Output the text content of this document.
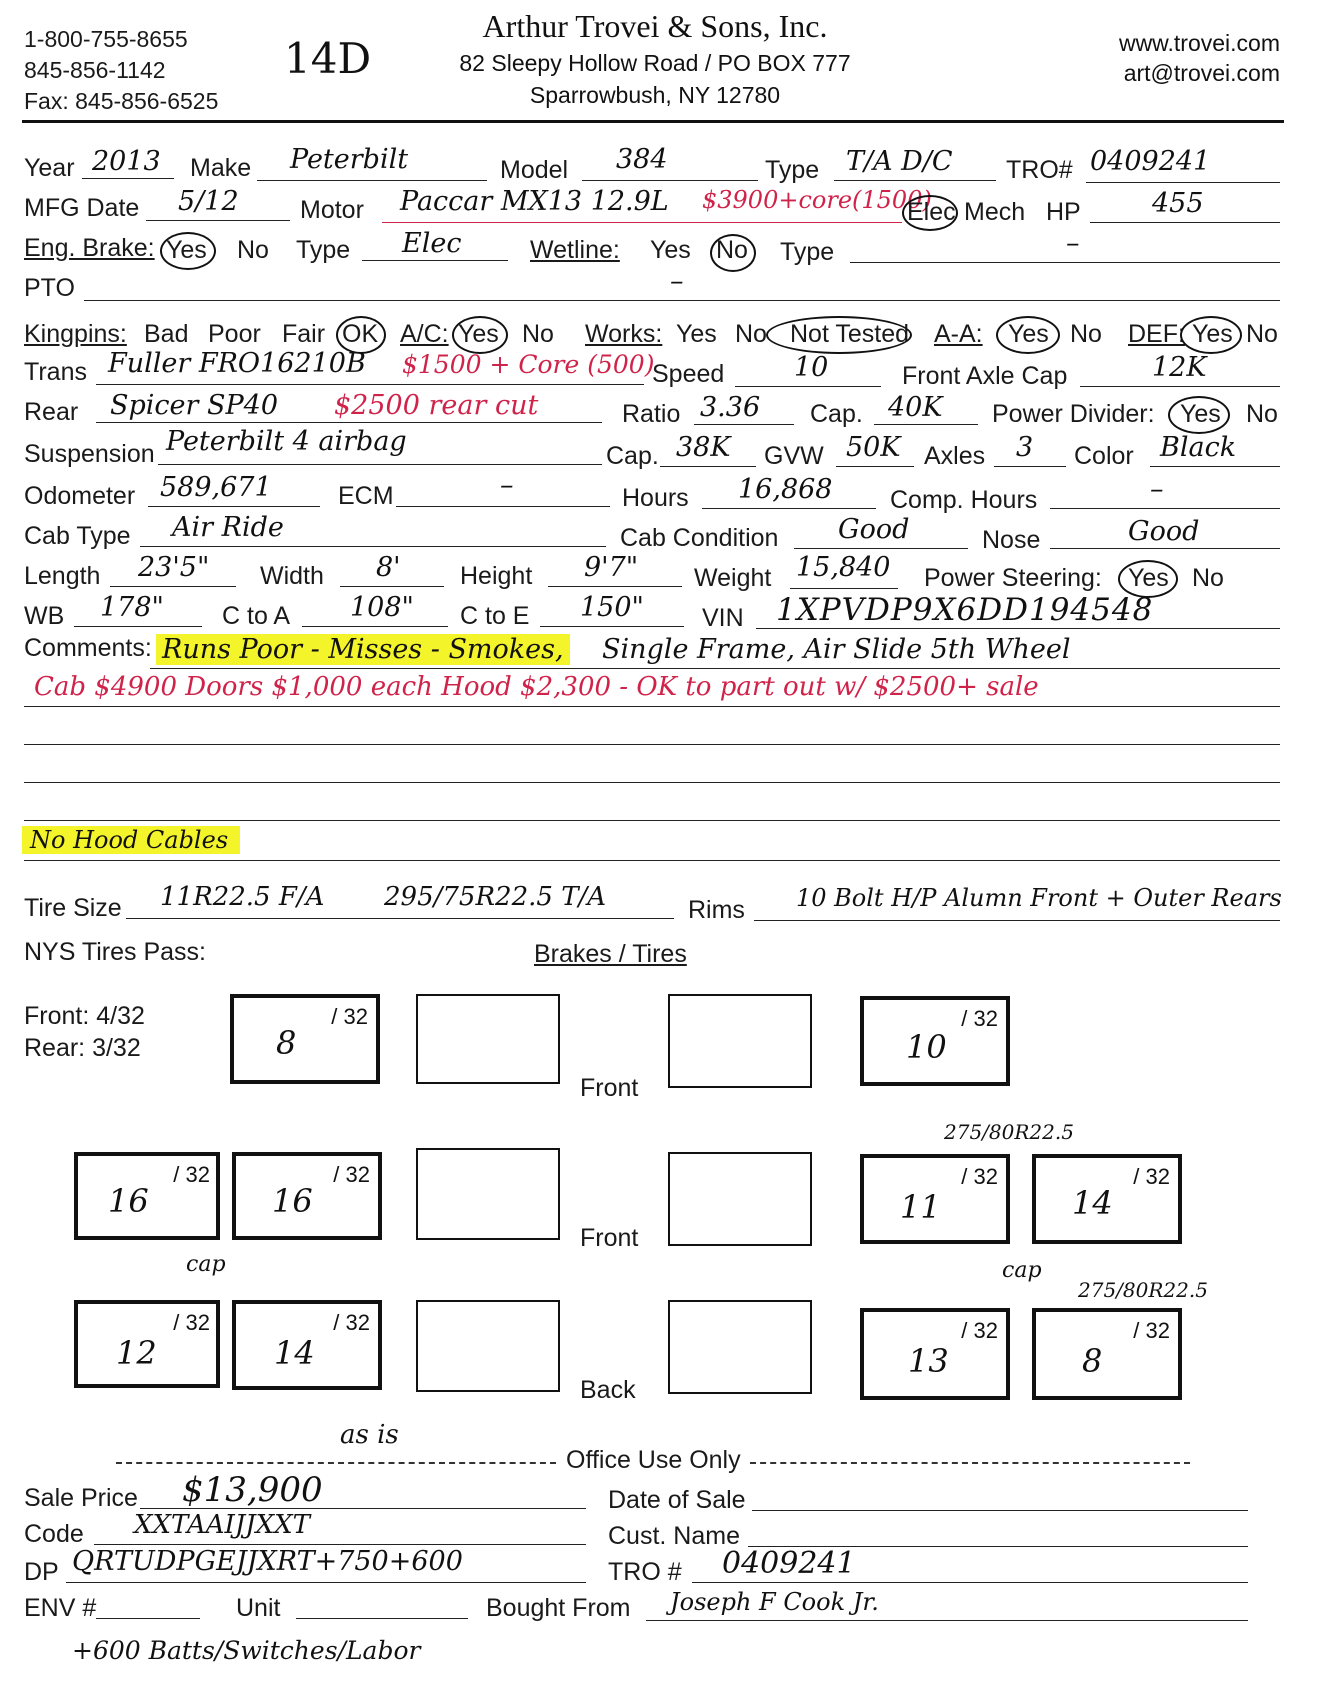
1-800-755-8655
845-856-1142
Fax: 845-856-6525
14D
Arthur Trovei & Sons, Inc.
82 Sleepy Hollow Road / PO BOX 777
Sparrowbush, NY 12780
www.trovei.com
art@trovei.com
Year 2013 Make Peterbilt	Model 384	Type T/A D/C TRO# 0409241
MFG Date 5/12 Motor Paccar MX13 12.9L $3900+core(1500)
Elec Mech HP	455
Eng. Brake: Yes No Type Elec	Wetline: Yes No Type	–
PTO	–
Kingpins: Bad Poor Fair OK A/C: Yes No Works: Yes No Not Tested A-A: Yes No DEF: Yes No
Trans Fuller FRO16210B $1500 + Core (500)
Speed	10	Front Axle Cap	12K
Rear Spicer SP40 $2500 rear cut	Ratio 3.36 Cap. 40K Power Divider: Yes No
Suspension Peterbilt 4 airbag	Cap. 38K GVW 50K Axles 3 Color Black
Odometer 589,671	ECM	–	Hours 16,868 Comp. Hours	–
Cab Type Air Ride	Cab Condition Good	Nose	Good
Length 23'5" Width 8' Height 9'7" Weight 15,840 Power Steering: Yes No
WB 178" C to A 108" C to E 150" VIN 1XPVDP9X6DD194548
Comments: Runs Poor - Misses - Smokes, Single Frame, Air Slide 5th Wheel
Cab $4900 Doors $1,000 each Hood $2,300 - OK to part out w/ $2500+ sale
No Hood Cables
Tire Size 11R22.5 F/A 295/75R22.5 T/A	Rims 10 Bolt H/P Alumn Front + Outer Rears
NYS Tires Pass:	Brakes / Tires
Front: 4/32
Rear: 3/32
/ 32
8
Front
/ 32
10
/ 32
16
/ 32
16
Front
275/80R22.5
/ 32
11
/ 32
14
cap
/ 32
12
/ 32
14
Back
cap
275/80R22.5
/ 32
13
/ 32
8
as is
Office Use Only
Sale Price $13,900	Date of Sale
Code XXTAAIJJXXT	Cust. Name
DP QRTUDPGEJJXRT+750+600	TRO # 0409241
ENV #	Unit	Bought From Joseph F Cook Jr.
+600 Batts/Switches/Labor
